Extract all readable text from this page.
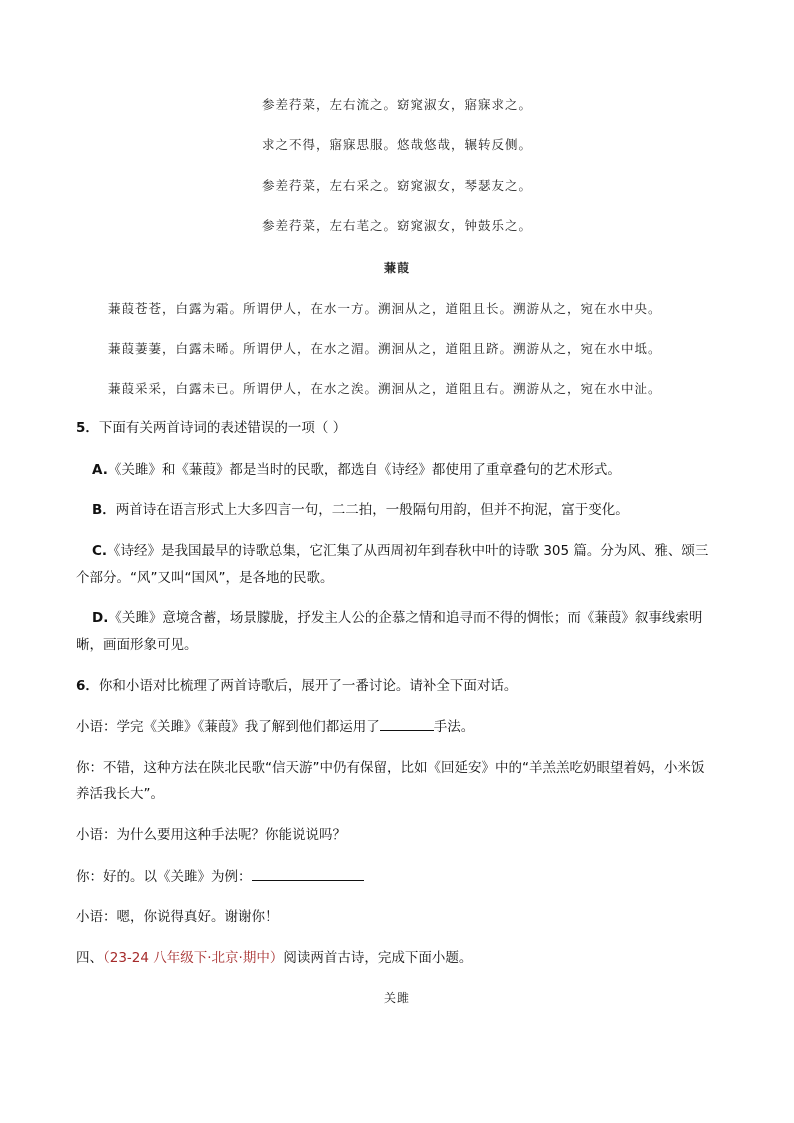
参差荇菜，左右流之。窈窕淑女，寤寐求之。
求之不得，寤寐思服。悠哉悠哉，辗转反侧。
参差荇菜，左右采之。窈窕淑女，琴瑟友之。
参差荇菜，左右芼之。窈窕淑女，钟鼓乐之。
蒹葭
蒹葭苍苍，白露为霜。所谓伊人，在水一方。溯洄从之，道阻且长。溯游从之，宛在水中央。
蒹葭萋萋，白露未晞。所谓伊人，在水之湄。溯洄从之，道阻且跻。溯游从之，宛在水中坻。
蒹葭采采，白露未已。所谓伊人，在水之涘。溯洄从之，道阻且右。溯游从之，宛在水中沚。
5．下面有关两首诗词的表述错误的一项（ ）
A.《关雎》和《蒹葭》都是当时的民歌，都选自《诗经》都使用了重章叠句的艺术形式。
B．两首诗在语言形式上大多四言一句，二二拍，一般隔句用韵，但并不拘泥，富于变化。
C.《诗经》是我国最早的诗歌总集，它汇集了从西周初年到春秋中叶的诗歌 305 篇。分为风、雅、颂三
个部分。“风”又叫“国风”，是各地的民歌。
D.《关雎》意境含蓄，场景朦胧，抒发主人公的企慕之情和追寻而不得的惆怅；而《蒹葭》叙事线索明
晰，画面形象可见。
6．你和小语对比梳理了两首诗歌后，展开了一番讨论。请补全下面对话。
小语：学完《关雎》《蒹葭》我了解到他们都运用了	手法。
你：不错，这种方法在陕北民歌“信天游”中仍有保留，比如《回延安》中的“羊羔羔吃奶眼望着妈，小米饭
养活我长大”。
小语：为什么要用这种手法呢？你能说说吗？
你：好的。以《关雎》为例：
小语：嗯，你说得真好。谢谢你！
四、（23-24 八年级下·北京·期中）阅读两首古诗，完成下面小题。
关雎
